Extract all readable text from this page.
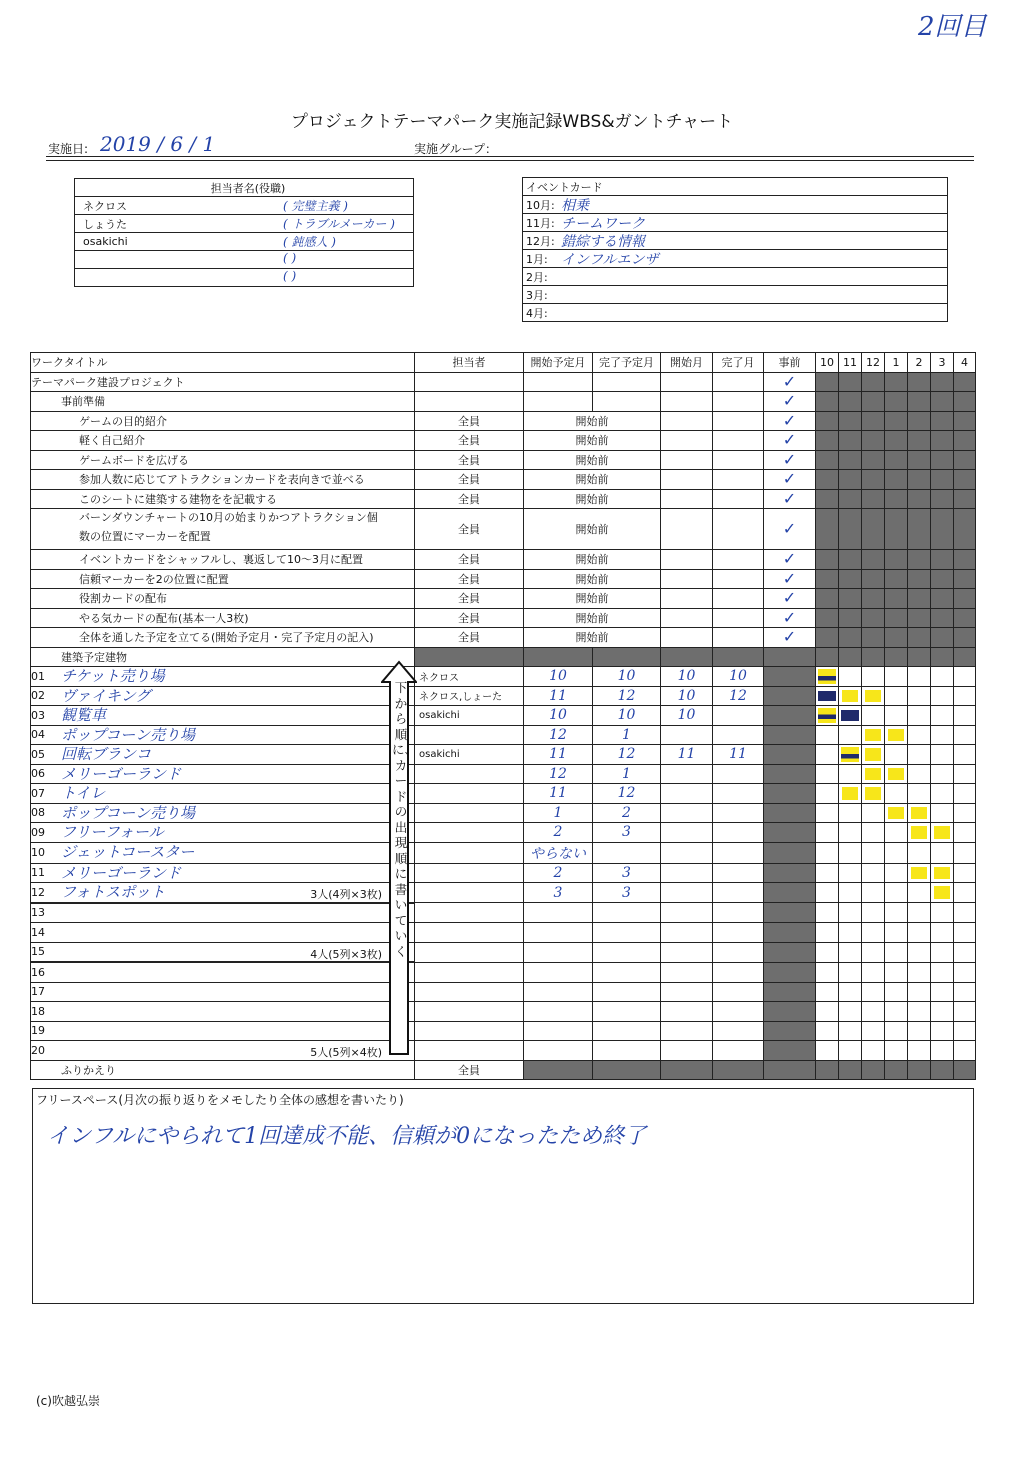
2回目
プロジェクトテーマパーク実施記録WBS&ガントチャート
実施日: 2019 / 6 / 1	実施グループ：
担当者名(役職)
ネクロス	( 完璧主義 )

しょうた	( トラブルメーカー )

osakichi	( 鈍感人 )

( )

( )
イベントカード
10月: 相乗

11月: チームワーク

12月: 錯綜する情報

1月: インフルエンザ

2月:

3月:

4月:
ワークタイトル	担当者	開始予定月	完了予定月	開始月	完了月	事前	10	11	12	1	2	3	4
テーマパーク建設プロジェクト						✓							
事前準備						✓							
ゲームの目的紹介	全員	開始前				✓							
軽く自己紹介	全員	開始前				✓							
ゲームボードを広げる	全員	開始前				✓							
参加人数に応じてアトラクションカードを表向きで並べる	全員	開始前				✓							
このシートに建築する建物をを記載する	全員	開始前				✓							
バーンダウンチャートの10月の始まりかつアトラクション個
数の位置にマーカーを配置	全員	開始前				✓							
イベントカードをシャッフルし、裏返して10～3月に配置	全員	開始前				✓							
信頼マーカーを2の位置に配置	全員	開始前				✓							
役割カードの配布	全員	開始前				✓							
やる気カードの配布(基本一人3枚)	全員	開始前				✓							
全体を通した予定を立てる(開始予定月・完了予定月の記入)	全員	開始前				✓							
建築予定建物													
01 チケット売り場	ネクロス	10	10	10	10								
02 ヴァイキング	ネクロス,しょーた	11	12	10	12								
03 観覧車	osakichi	10	10	10									
04 ポップコーン売り場		12	1										
05 回転ブランコ	osakichi	11	12	11	11								
06 メリーゴーランド		12	1										
07 トイレ		11	12										
08 ポップコーン売り場		1	2										
09 フリーフォール		2	3										
10 ジェットコースター		やらない											
11 メリーゴーランド		2	3										
12 フォトスポット 3人(4列×3枚)		3	3										
13

14

15 4人(5列×3枚)													

16

17

18

19

20 5人(5列×4枚)													

ふりかえり	全員												
下から順に、カードの出現順に書いていく
フリースペース(月次の振り返りをメモしたり全体の感想を書いたり)
インフルにやられて1回達成不能、信頼が0になったため終了
(c)吹越弘崇
